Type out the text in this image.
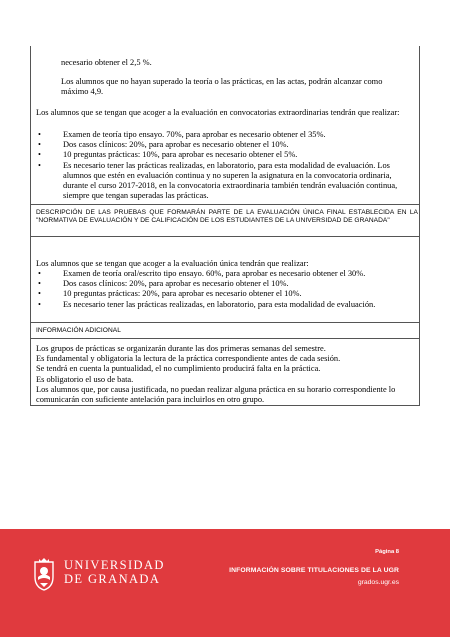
necesario obtener el 2,5 %.

Los alumnos que no hayan superado la teoría o las prácticas, en las actas, podrán alcanzar como máximo 4,9.

Los alumnos que se tengan que acoger a la evaluación en convocatorias extraordinarias tendrán que realizar:

• Examen de teoría tipo ensayo. 70%, para aprobar es necesario obtener el 35%.
• Dos casos clínicos: 20%, para aprobar es necesario obtener el 10%.
• 10 preguntas prácticas: 10%, para aprobar es necesario obtener el 5%.
• Es necesario tener las prácticas realizadas, en laboratorio, para esta modalidad de evaluación. Los alumnos que estén en evaluación continua y no superen la asignatura en la convocatoria ordinaria, durante el curso 2017-2018, en la convocatoria extraordinaria también tendrán evaluación continua, siempre que tengan superadas las prácticas.
DESCRIPCIÓN DE LAS PRUEBAS QUE FORMARÁN PARTE DE LA EVALUACIÓN ÚNICA FINAL ESTABLECIDA EN LA "NORMATIVA DE EVALUACIÓN Y DE CALIFICACIÓN DE LOS ESTUDIANTES DE LA UNIVERSIDAD DE GRANADA"

Los alumnos que se tengan que acoger a la evaluación única tendrán que realizar:

• Examen de teoría oral/escrito tipo ensayo. 60%, para aprobar es necesario obtener el 30%.
• Dos casos clínicos: 20%, para aprobar es necesario obtener el 10%.
• 10 preguntas prácticas: 20%, para aprobar es necesario obtener el 10%.
• Es necesario tener las prácticas realizadas, en laboratorio, para esta modalidad de evaluación.
INFORMACIÓN ADICIONAL
Los grupos de prácticas se organizarán durante las dos primeras semanas del semestre.
Es fundamental y obligatoria la lectura de la práctica correspondiente antes de cada sesión.
Se tendrá en cuenta la puntualidad, el no cumplimiento producirá falta en la práctica.
Es obligatorio el uso de bata.
Los alumnos que, por causa justificada, no puedan realizar alguna práctica en su horario correspondiente lo comunicarán con suficiente antelación para incluirlos en otro grupo.
UNIVERSIDAD
DE GRANADA
Página 8
INFORMACIÓN SOBRE TITULACIONES DE LA UGR
grados.ugr.es
